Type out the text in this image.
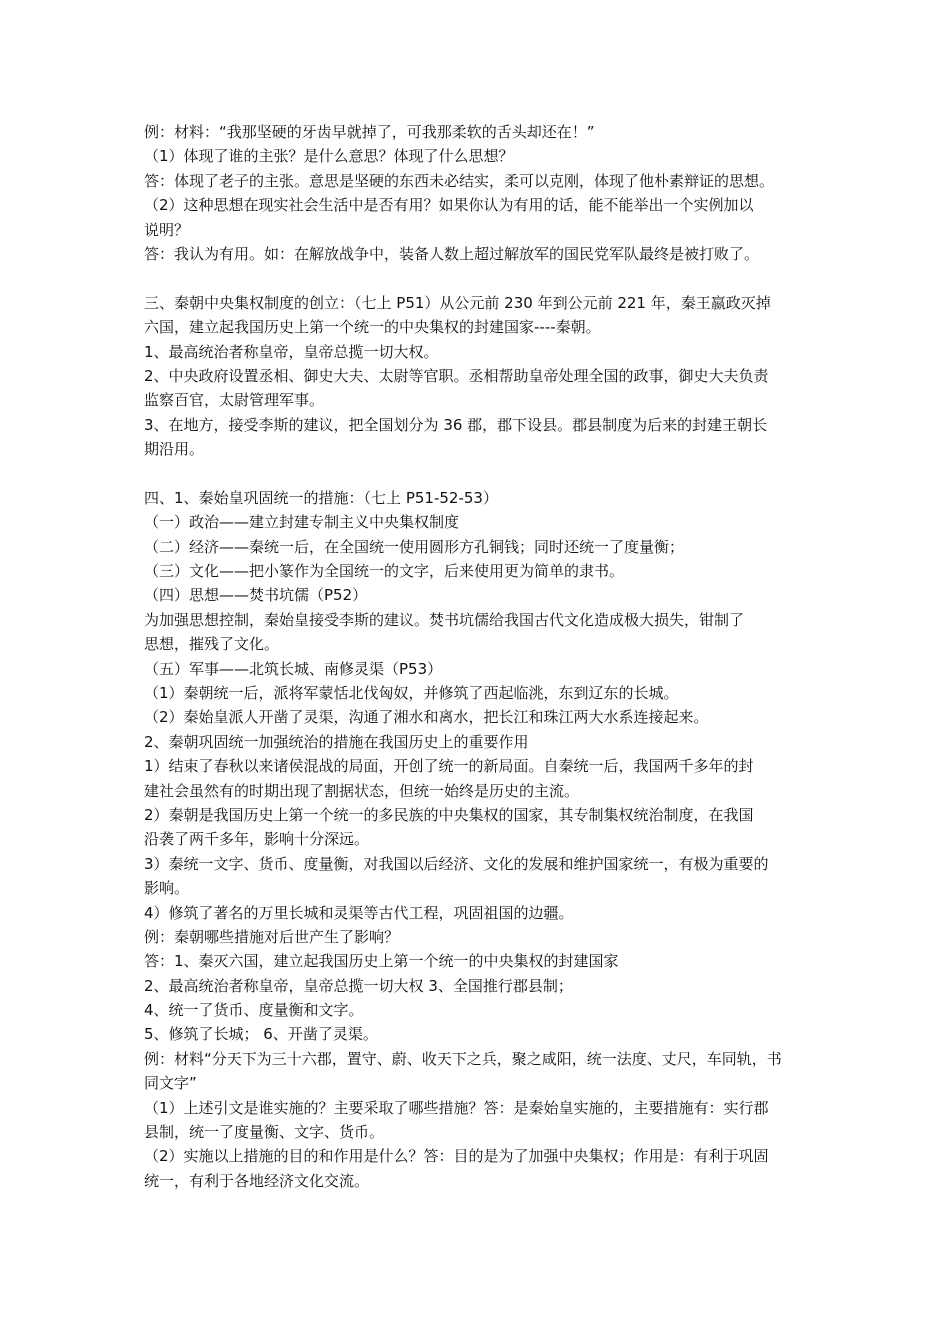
例：材料：“我那坚硬的牙齿早就掉了，可我那柔软的舌头却还在！”
（1）体现了谁的主张？是什么意思？体现了什么思想？
答：体现了老子的主张。意思是坚硬的东西未必结实，柔可以克刚，体现了他朴素辩证的思想。
（2）这种思想在现实社会生活中是否有用？如果你认为有用的话，能不能举出一个实例加以
说明？
答：我认为有用。如：在解放战争中，装备人数上超过解放军的国民党军队最终是被打败了。
三、秦朝中央集权制度的创立：（七上 P51）从公元前 230 年到公元前 221 年，秦王嬴政灭掉
六国，建立起我国历史上第一个统一的中央集权的封建国家----秦朝。
1、最高统治者称皇帝，皇帝总揽一切大权。
2、中央政府设置丞相、御史大夫、太尉等官职。丞相帮助皇帝处理全国的政事，御史大夫负责
监察百官，太尉管理军事。
3、在地方，接受李斯的建议，把全国划分为 36 郡，郡下设县。郡县制度为后来的封建王朝长
期沿用。
四、1、秦始皇巩固统一的措施：（七上 P51-52-53）
（一）政治——建立封建专制主义中央集权制度
（二）经济——秦统一后，在全国统一使用圆形方孔铜钱；同时还统一了度量衡；
（三）文化——把小篆作为全国统一的文字，后来使用更为简单的隶书。
（四）思想——焚书坑儒（P52）
为加强思想控制，秦始皇接受李斯的建议。焚书坑儒给我国古代文化造成极大损失，钳制了
思想，摧残了文化。
（五）军事——北筑长城、南修灵渠（P53）
（1）秦朝统一后，派将军蒙恬北伐匈奴，并修筑了西起临洮，东到辽东的长城。
（2）秦始皇派人开凿了灵渠，沟通了湘水和离水，把长江和珠江两大水系连接起来。
2、秦朝巩固统一加强统治的措施在我国历史上的重要作用
1）结束了春秋以来诸侯混战的局面，开创了统一的新局面。自秦统一后，我国两千多年的封
建社会虽然有的时期出现了割据状态，但统一始终是历史的主流。
2）秦朝是我国历史上第一个统一的多民族的中央集权的国家，其专制集权统治制度，在我国
沿袭了两千多年，影响十分深远。
3）秦统一文字、货币、度量衡，对我国以后经济、文化的发展和维护国家统一，有极为重要的
影响。
4）修筑了著名的万里长城和灵渠等古代工程，巩固祖国的边疆。
例：秦朝哪些措施对后世产生了影响？
答：1、秦灭六国，建立起我国历史上第一个统一的中央集权的封建国家
2、最高统治者称皇帝，皇帝总揽一切大权 3、全国推行郡县制；
4、统一了货币、度量衡和文字。
5、修筑了长城； 6、开凿了灵渠。
例：材料“分天下为三十六郡，置守、蔚、收天下之兵，聚之咸阳，统一法度、丈尺，车同轨，书
同文字”
（1）上述引文是谁实施的？主要采取了哪些措施？答：是秦始皇实施的，主要措施有：实行郡
县制，统一了度量衡、文字、货币。
（2）实施以上措施的目的和作用是什么？答：目的是为了加强中央集权；作用是：有利于巩固
统一，有利于各地经济文化交流。
